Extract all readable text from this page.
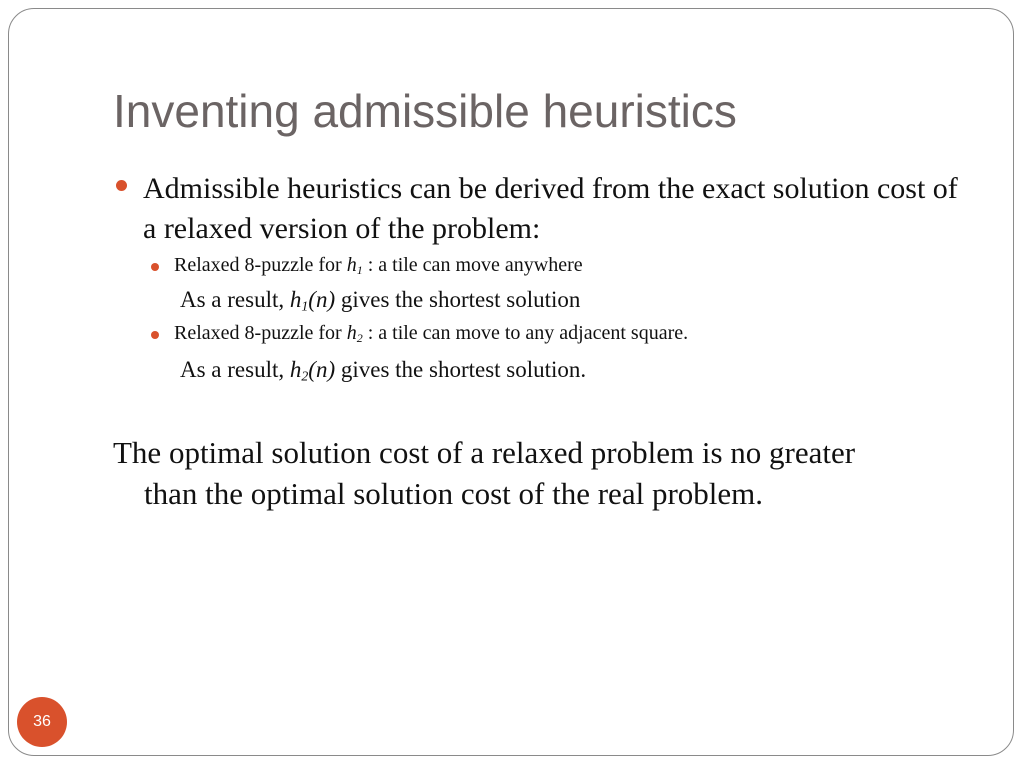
Inventing admissible heuristics
Admissible heuristics can be derived from the exact solution cost of a relaxed version of the problem:
Relaxed 8-puzzle for $h_1$ : a tile can move anywhere
As a result, $h_1(n)$ gives the shortest solution
Relaxed 8-puzzle for $h_2$ : a tile can move to any adjacent square.
As a result, $h_2(n)$ gives the shortest solution.
The optimal solution cost of a relaxed problem is no greater
than the optimal solution cost of the real problem.
36
